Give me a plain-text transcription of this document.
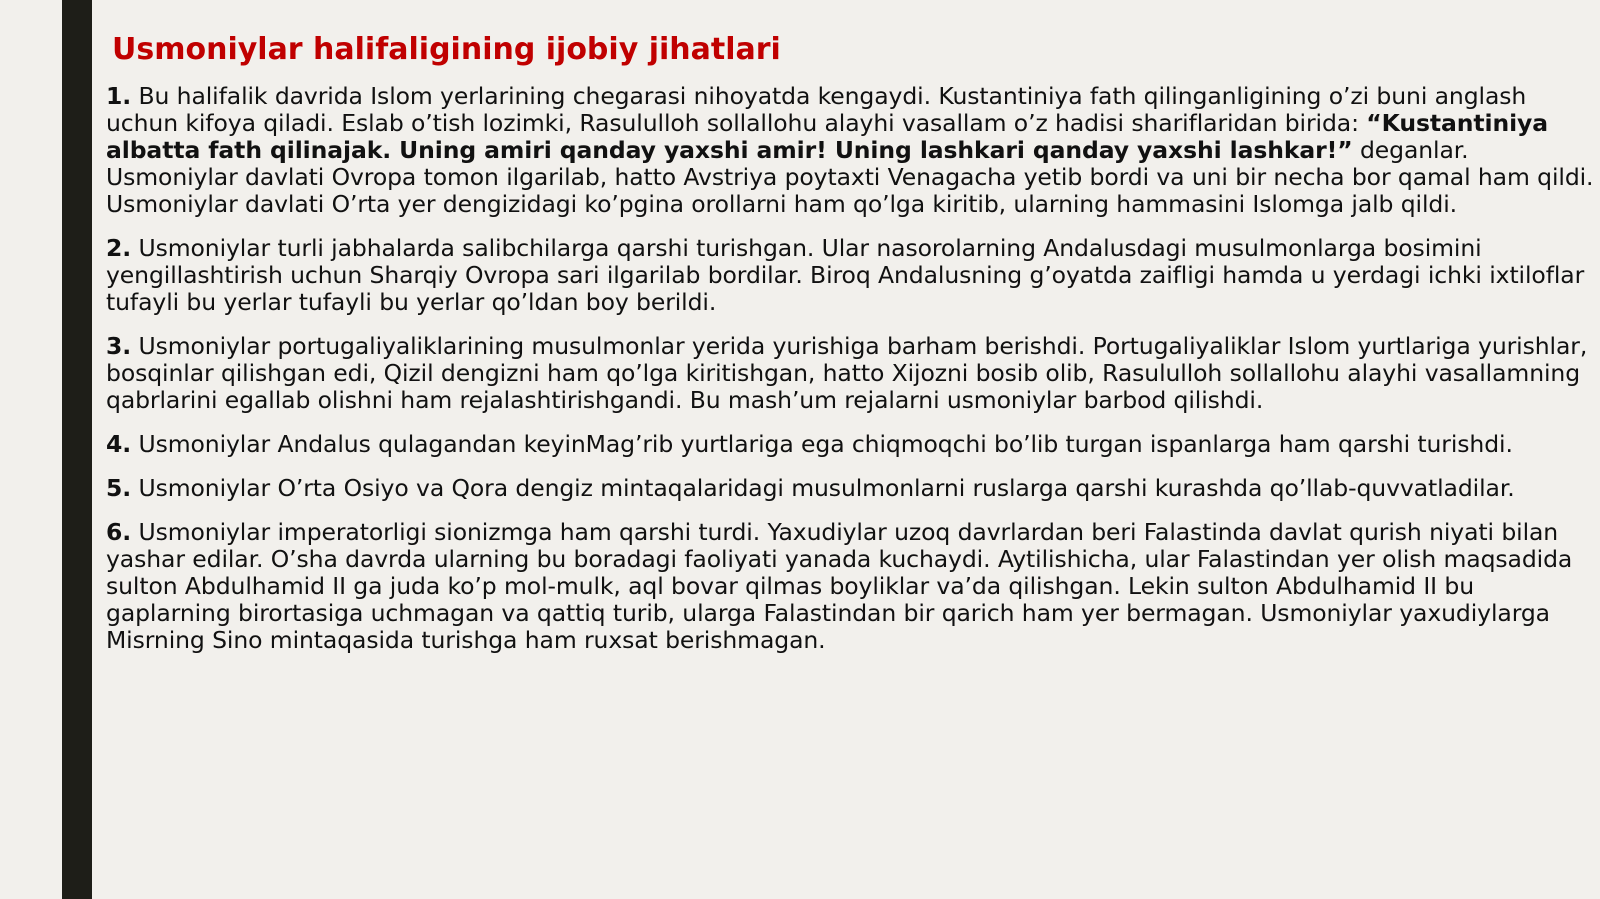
Usmoniylar halifaligining ijobiy jihatlari

1. Bu halifalik davrida Islom yerlarining chegarasi nihoyatda kengaydi. Kustantiniya fath qilinganligining o’zi buni anglash uchun kifoya qiladi. Eslab o’tish lozimki, Rasululloh sollallohu alayhi vasallam o’z hadisi shariflaridan birida: “Kustantiniya albatta fath qilinajak. Uning amiri qanday yaxshi amir! Uning lashkari qanday yaxshi lashkar!” deganlar. Usmoniylar davlati Ovropa tomon ilgarilab, hatto Avstriya poytaxti Venagacha yetib bordi va uni bir necha bor qamal ham qildi. Usmoniylar davlati O’rta yer dengizidagi ko’pgina orollarni ham qo’lga kiritib, ularning hammasini Islomga jalb qildi.

2. Usmoniylar turli jabhalarda salibchilarga qarshi turishgan. Ular nasorolarning Andalusdagi musulmonlarga bosimini yengillashtirish uchun Sharqiy Ovropa sari ilgarilab bordilar. Biroq Andalusning g’oyatda zaifligi hamda u yerdagi ichki ixtiloflar tufayli bu yerlar tufayli bu yerlar qo’ldan boy berildi.

3. Usmoniylar portugaliyaliklarining musulmonlar yerida yurishiga barham berishdi. Portugaliyaliklar Islom yurtlariga yurishlar, bosqinlar qilishgan edi, Qizil dengizni ham qo’lga kiritishgan, hatto Xijozni bosib olib, Rasululloh sollallohu alayhi vasallamning qabrlarini egallab olishni ham rejalashtirishgandi. Bu mash’um rejalarni usmoniylar barbod qilishdi.

4. Usmoniylar Andalus qulagandan keyinMag’rib yurtlariga ega chiqmoqchi bo’lib turgan ispanlarga ham qarshi turishdi.

5. Usmoniylar O’rta Osiyo va Qora dengiz mintaqalaridagi musulmonlarni ruslarga qarshi kurashda qo’llab-quvvatladilar.

6. Usmoniylar imperatorligi sionizmga ham qarshi turdi. Yaxudiylar uzoq davrlardan beri Falastinda davlat qurish niyati bilan yashar edilar. O’sha davrda ularning bu boradagi faoliyati yanada kuchaydi. Aytilishicha, ular Falastindan yer olish maqsadida sulton Abdulhamid II ga juda ko’p mol-mulk, aql bovar qilmas boyliklar va’da qilishgan. Lekin sulton Abdulhamid II bu gaplarning birortasiga uchmagan va qattiq turib, ularga Falastindan bir qarich ham yer bermagan. Usmoniylar yaxudiylarga Misrning Sino mintaqasida turishga ham ruxsat berishmagan.
